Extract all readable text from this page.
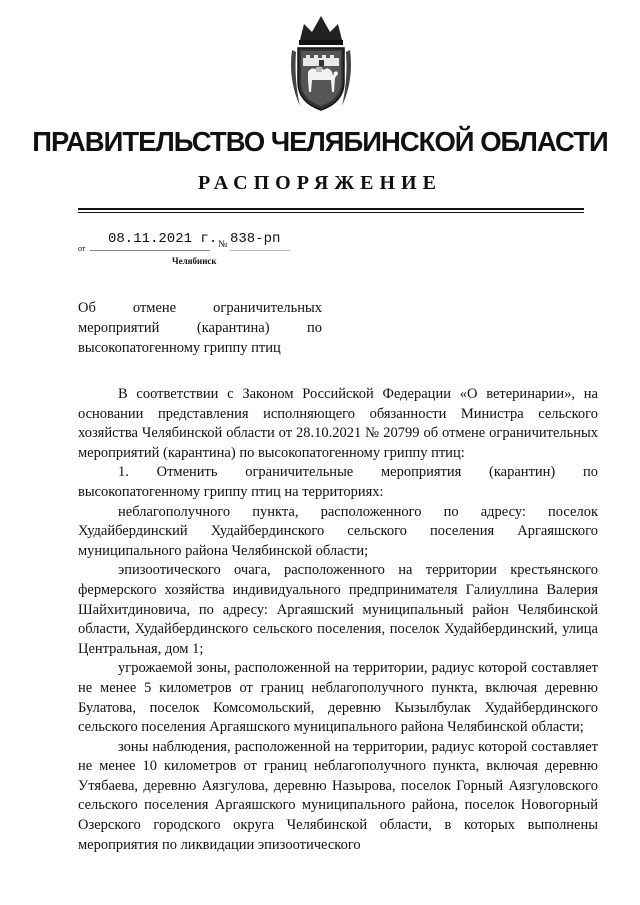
ПРАВИТЕЛЬСТВО ЧЕЛЯБИНСКОЙ ОБЛАСТИ
РАСПОРЯЖЕНИЕ
от
08.11.2021 г. № 838-рп
Челябинск
Об отмене ограничительных мероприятий (карантина) по высокопатогенному гриппу птиц

В соответствии с Законом Российской Федерации «О ветеринарии», на основании представления исполняющего обязанности Министра сельского хозяйства Челябинской области от 28.10.2021 № 20799 об отмене ограничительных мероприятий (карантина) по высокопатогенному гриппу птиц:

1. Отменить ограничительные мероприятия (карантин) по высокопатогенному гриппу птиц на территориях:

неблагополучного пункта, расположенного по адресу: поселок Худайбердинский Худайбердинского сельского поселения Аргаяшского муниципального района Челябинской области;

эпизоотического очага, расположенного на территории крестьянского фермерского хозяйства индивидуального предпринимателя Галиуллина Валерия Шайхитдиновича, по адресу: Аргаяшский муниципальный район Челябинской области, Худайбердинского сельского поселения, поселок Худайбердинский, улица Центральная, дом 1;

угрожаемой зоны, расположенной на территории, радиус которой составляет не менее 5 километров от границ неблагополучного пункта, включая деревню Булатова, поселок Комсомольский, деревню Кызылбулак Худайбердинского сельского поселения Аргаяшского муниципального района Челябинской области;

зоны наблюдения, расположенной на территории, радиус которой составляет не менее 10 километров от границ неблагополучного пункта, включая деревню Утябаева, деревню Аязгулова, деревню Назырова, поселок Горный Аязгуловского сельского поселения Аргаяшского муниципального района, поселок Новогорный Озерского городского округа Челябинской области, в которых выполнены мероприятия по ликвидации эпизоотического
